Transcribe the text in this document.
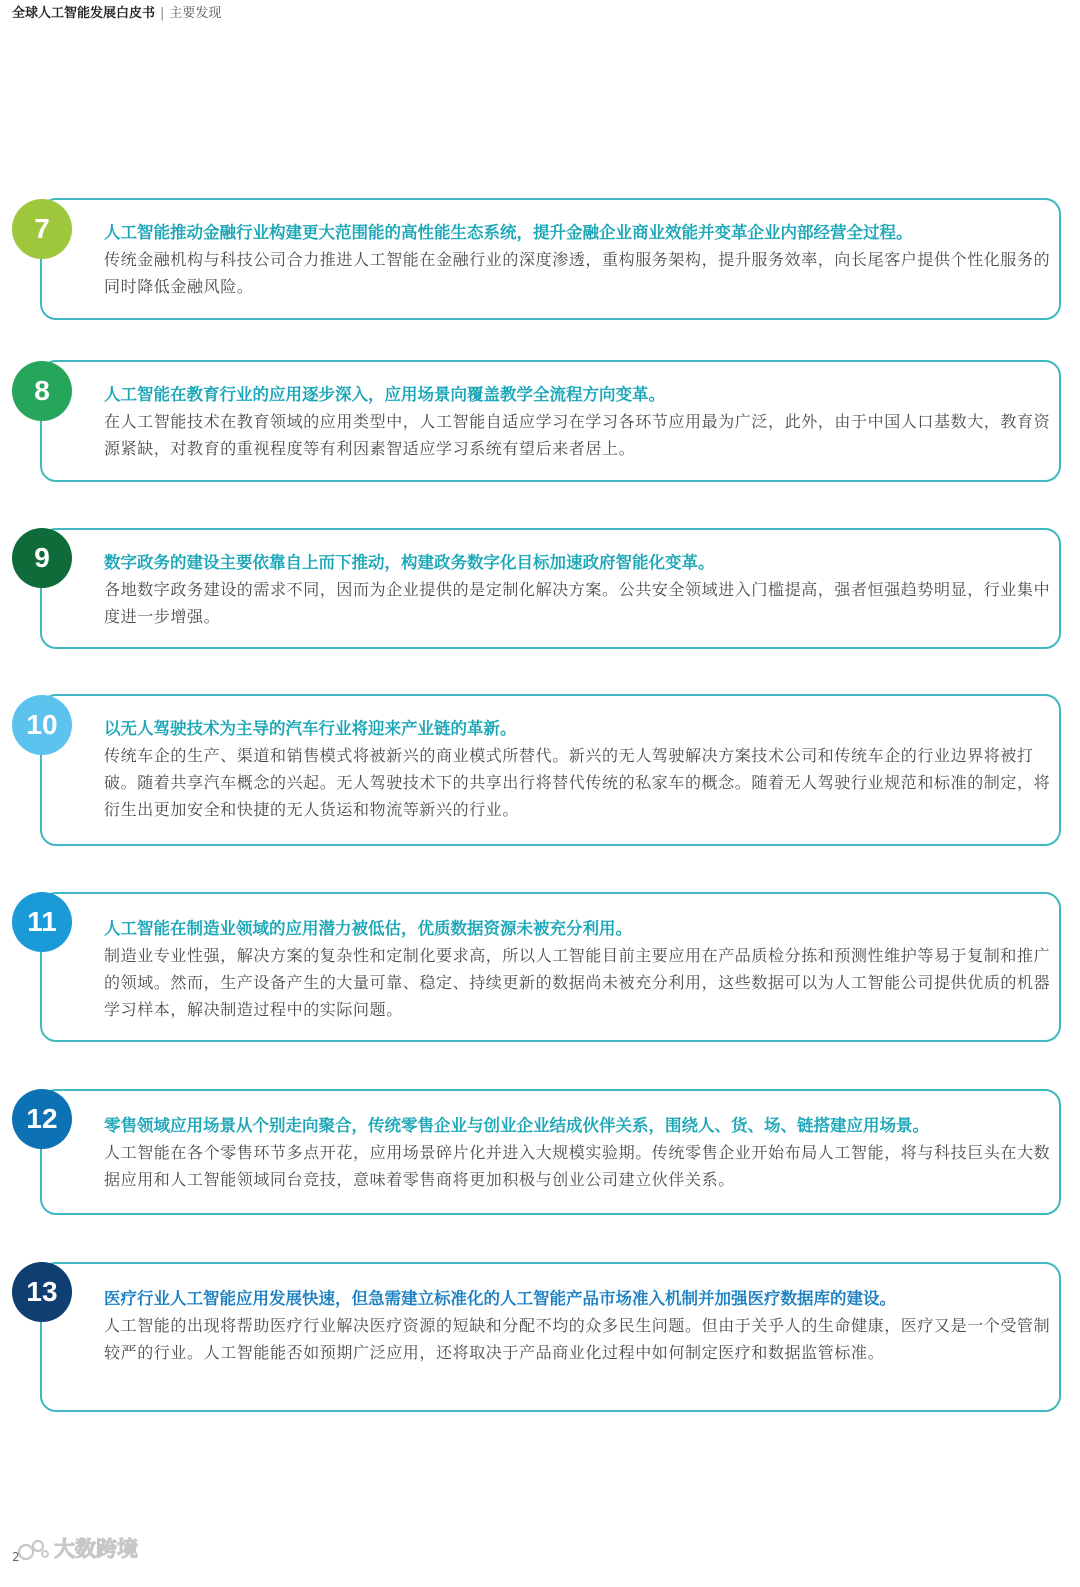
全球人工智能发展白皮书 | 主要发现
人工智能推动金融行业构建更大范围能的高性能生态系统，提升金融企业商业效能并变革企业内部经营全过程。
传统金融机构与科技公司合力推进人工智能在金融行业的深度渗透，重构服务架构，提升服务效率，向长尾客户提供个性化服务的同时降低金融风险。
7
人工智能在教育行业的应用逐步深入，应用场景向覆盖教学全流程方向变革。
在人工智能技术在教育领域的应用类型中，人工智能自适应学习在学习各环节应用最为广泛，此外，由于中国人口基数大，教育资源紧缺，对教育的重视程度等有利因素智适应学习系统有望后来者居上。
8
数字政务的建设主要依靠自上而下推动，构建政务数字化目标加速政府智能化变革。
各地数字政务建设的需求不同，因而为企业提供的是定制化解决方案。公共安全领域进入门槛提高，强者恒强趋势明显，行业集中度进一步增强。
9
以无人驾驶技术为主导的汽车行业将迎来产业链的革新。
传统车企的生产、渠道和销售模式将被新兴的商业模式所替代。新兴的无人驾驶解决方案技术公司和传统车企的行业边界将被打破。随着共享汽车概念的兴起。无人驾驶技术下的共享出行将替代传统的私家车的概念。随着无人驾驶行业规范和标准的制定，将衍生出更加安全和快捷的无人货运和物流等新兴的行业。
10
人工智能在制造业领域的应用潜力被低估，优质数据资源未被充分利用。
制造业专业性强，解决方案的复杂性和定制化要求高，所以人工智能目前主要应用在产品质检分拣和预测性维护等易于复制和推广的领域。然而，生产设备产生的大量可靠、稳定、持续更新的数据尚未被充分利用，这些数据可以为人工智能公司提供优质的机器学习样本，解决制造过程中的实际问题。
11
零售领域应用场景从个别走向聚合，传统零售企业与创业企业结成伙伴关系，围绕人、货、场、链搭建应用场景。
人工智能在各个零售环节多点开花，应用场景碎片化并进入大规模实验期。传统零售企业开始布局人工智能，将与科技巨头在大数据应用和人工智能领域同台竞技，意味着零售商将更加积极与创业公司建立伙伴关系。
12
医疗行业人工智能应用发展快速，但急需建立标准化的人工智能产品市场准入机制并加强医疗数据库的建设。
人工智能的出现将帮助医疗行业解决医疗资源的短缺和分配不均的众多民生问题。但由于关乎人的生命健康，医疗又是一个受管制较严的行业。人工智能能否如预期广泛应用，还将取决于产品商业化过程中如何制定医疗和数据监管标准。
13
大数跨境
2
